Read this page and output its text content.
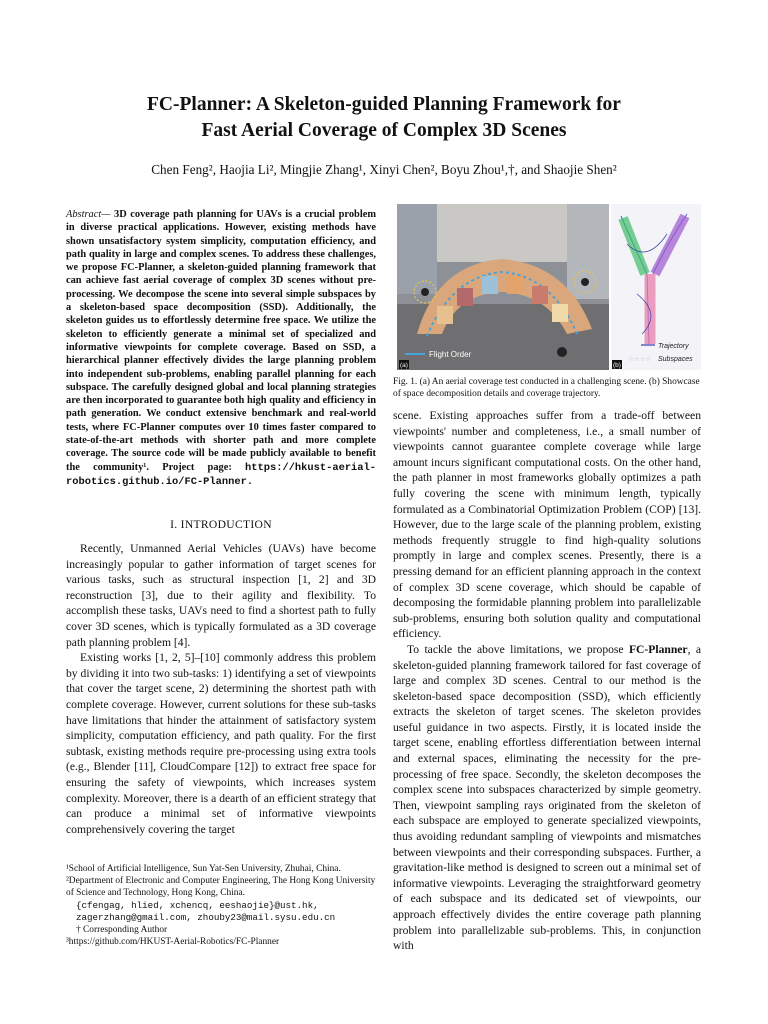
FC-Planner: A Skeleton-guided Planning Framework for
Fast Aerial Coverage of Complex 3D Scenes
Chen Feng², Haojia Li², Mingjie Zhang¹, Xinyi Chen², Boyu Zhou¹,†, and Shaojie Shen²
Abstract— 3D coverage path planning for UAVs is a crucial problem in diverse practical applications. However, existing methods have shown unsatisfactory system simplicity, computation efficiency, and path quality in large and complex scenes. To address these challenges, we propose FC-Planner, a skeleton-guided planning framework that can achieve fast aerial coverage of complex 3D scenes without pre-processing. We decompose the scene into several simple subspaces by a skeleton-based space decomposition (SSD). Additionally, the skeleton guides us to effortlessly determine free space. We utilize the skeleton to efficiently generate a minimal set of specialized and informative viewpoints for complete coverage. Based on SSD, a hierarchical planner effectively divides the large planning problem into independent sub-problems, enabling parallel planning for each subspace. The carefully designed global and local planning strategies are then incorporated to guarantee both high quality and efficiency in path generation. We conduct extensive benchmark and real-world tests, where FC-Planner computes over 10 times faster compared to state-of-the-art methods with shorter path and more complete coverage. The source code will be made publicly available to benefit the community¹. Project page: https://hkust-aerial-robotics.github.io/FC-Planner.
I. INTRODUCTION

Recently, Unmanned Aerial Vehicles (UAVs) have become increasingly popular to gather information of target scenes for various tasks, such as structural inspection [1, 2] and 3D reconstruction [3], due to their agility and flexibility. To accomplish these tasks, UAVs need to find a shortest path to fully cover 3D scenes, which is typically formulated as a 3D coverage path planning problem [4].

Existing works [1, 2, 5]–[10] commonly address this problem by dividing it into two sub-tasks: 1) identifying a set of viewpoints that cover the target scene, 2) determining the shortest path with complete coverage. However, current solutions for these sub-tasks have limitations that hinder the attainment of satisfactory system simplicity, computation efficiency, and path quality. For the first subtask, existing methods require pre-processing using extra tools (e.g., Blender [11], CloudCompare [12]) to extract free space for ensuring the safety of viewpoints, which increases system complexity. Moreover, there is a dearth of an efficient strategy that can produce a minimal set of informative viewpoints comprehensively covering the target

¹School of Artificial Intelligence, Sun Yat-Sen University, Zhuhai, China.
²Department of Electronic and Computer Engineering, The Hong Kong University of Science and Technology, Hong Kong, China.
{cfengag, hlied, xchencq, eeshaojie}@ust.hk,
zagerzhang@gmail.com, zhouby23@mail.sysu.edu.cn
† Corresponding Author
³https://github.com/HKUST-Aerial-Robotics/FC-Planner
Flight Order
(a)
Trajectory
☆☆☆☆ Subspaces
(b)
Fig. 1. (a) An aerial coverage test conducted in a challenging scene. (b) Showcase of space decomposition details and coverage trajectory.

scene. Existing approaches suffer from a trade-off between viewpoints' number and completeness, i.e., a small number of viewpoints cannot guarantee complete coverage while large amount incurs significant computational costs. On the other hand, the path planner in most frameworks globally optimizes a path fully covering the scene with minimum length, typically formulated as a Combinatorial Optimization Problem (COP) [13]. However, due to the large scale of the planning problem, existing methods frequently struggle to find high-quality solutions promptly in large and complex scenes. Presently, there is a pressing demand for an efficient planning approach in the context of complex 3D scene coverage, which should be capable of decomposing the formidable planning problem into parallelizable sub-problems, ensuring both solution quality and computational efficiency.

To tackle the above limitations, we propose FC-Planner, a skeleton-guided planning framework tailored for fast coverage of large and complex 3D scenes. Central to our method is the skeleton-based space decomposition (SSD), which efficiently extracts the skeleton of target scenes. The skeleton provides useful guidance in two aspects. Firstly, it is located inside the target scene, enabling effortless differentiation between internal and external spaces, eliminating the necessity for the pre-processing of free space. Secondly, the skeleton decomposes the complex scene into subspaces characterized by simple geometry. Then, viewpoint sampling rays originated from the skeleton of each subspace are employed to generate specialized viewpoints, thus avoiding redundant sampling of viewpoints and mismatches between viewpoints and their corresponding subspaces. Further, a gravitation-like method is designed to screen out a minimal set of informative viewpoints. Leveraging the straightforward geometry of each subspace and its dedicated set of viewpoints, our approach effectively divides the entire coverage path planning problem into parallelizable sub-problems. This, in conjunction with
